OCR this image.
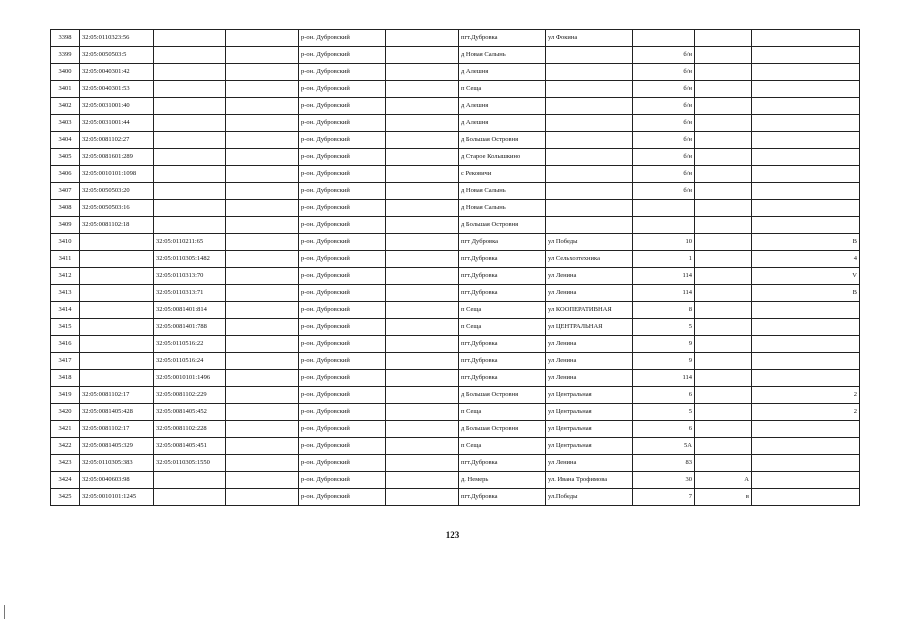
3398	32:05:0110323:56			р-он. Дубровский		пгт.Дубровка	ул Фокина			
3399	32:05:0050503:5			р-он. Дубровский		д Новая Салынь		б/н		
3400	32:05:0040301:42			р-он. Дубровский		д Алешня		б/н		
3401	32:05:0040301:53			р-он. Дубровский		п Сеща		б/н		
3402	32:05:0031001:40			р-он. Дубровский		д Алешня		б/н		
3403	32:05:0031001:44			р-он. Дубровский		д Алешня		б/н		
3404	32:05:0081102:27			р-он. Дубровский		д Большая Островня		б/н		
3405	32:05:0081601:289			р-он. Дубровский		д Старое Колышкино		б/н		
3406	32:05:0010101:1098			р-он. Дубровский		с Рековичи		б/н		
3407	32:05:0050503:20			р-он. Дубровский		д Новая Салынь		б/н		
3408	32:05:0050503:16			р-он. Дубровский		д Новая Салынь				
3409	32:05:0081102:18			р-он. Дубровский		д Большая Островня				
3410		32:05:0110211:65		р-он. Дубровский		пгт Дубровка	ул Победы	10		В
3411		32:05:0110305:1482		р-он. Дубровский		пгт.Дубровка	ул Сельхозтехника	1		4
3412		32:05:0110313:70		р-он. Дубровский		пгт.Дубровка	ул Ленина	114		V
3413		32:05:0110313:71		р-он. Дубровский		пгт.Дубровка	ул Ленина	114		В
3414		32:05:0081401:814		р-он. Дубровский		п Сеща	ул КООПЕРАТИВНАЯ	8		
3415		32:05:0081401:788		р-он. Дубровский		п Сеща	ул ЦЕНТРАЛЬНАЯ	5		
3416		32:05:0110516:22		р-он. Дубровский		пгт.Дубровка	ул Ленина	9		
3417		32:05:0110516:24		р-он. Дубровский		пгт.Дубровка	ул Ленина	9		
3418		32:05:0010101:1496		р-он. Дубровский		пгт.Дубровка	ул Ленина	114		
3419	32:05:0081102:17	32:05:0081102:229		р-он. Дубровский		д Большая Островня	ул Центральная	6		2
3420	32:05:0081405:428	32:05:0081405:452		р-он. Дубровский		п Сеща	ул Центральная	5		2
3421	32:05:0081102:17	32:05:0081102:228		р-он. Дубровский		д Большая Островня	ул Центральная	6		
3422	32:05:0081405:329	32:05:0081405:451		р-он. Дубровский		п Сеща	ул Центральная	5А		
3423	32:05:0110305:383	32:05:0110305:1550		р-он. Дубровский		пгт.Дубровка	ул Ленина	83		
3424	32:05:0040603:98			р-он. Дубровский		д. Немерь	ул. Ивана Трофимова	30	А	
3425	32:05:0010101:1245			р-он. Дубровский		пгт.Дубровка	ул.Победы	7	в	
123
